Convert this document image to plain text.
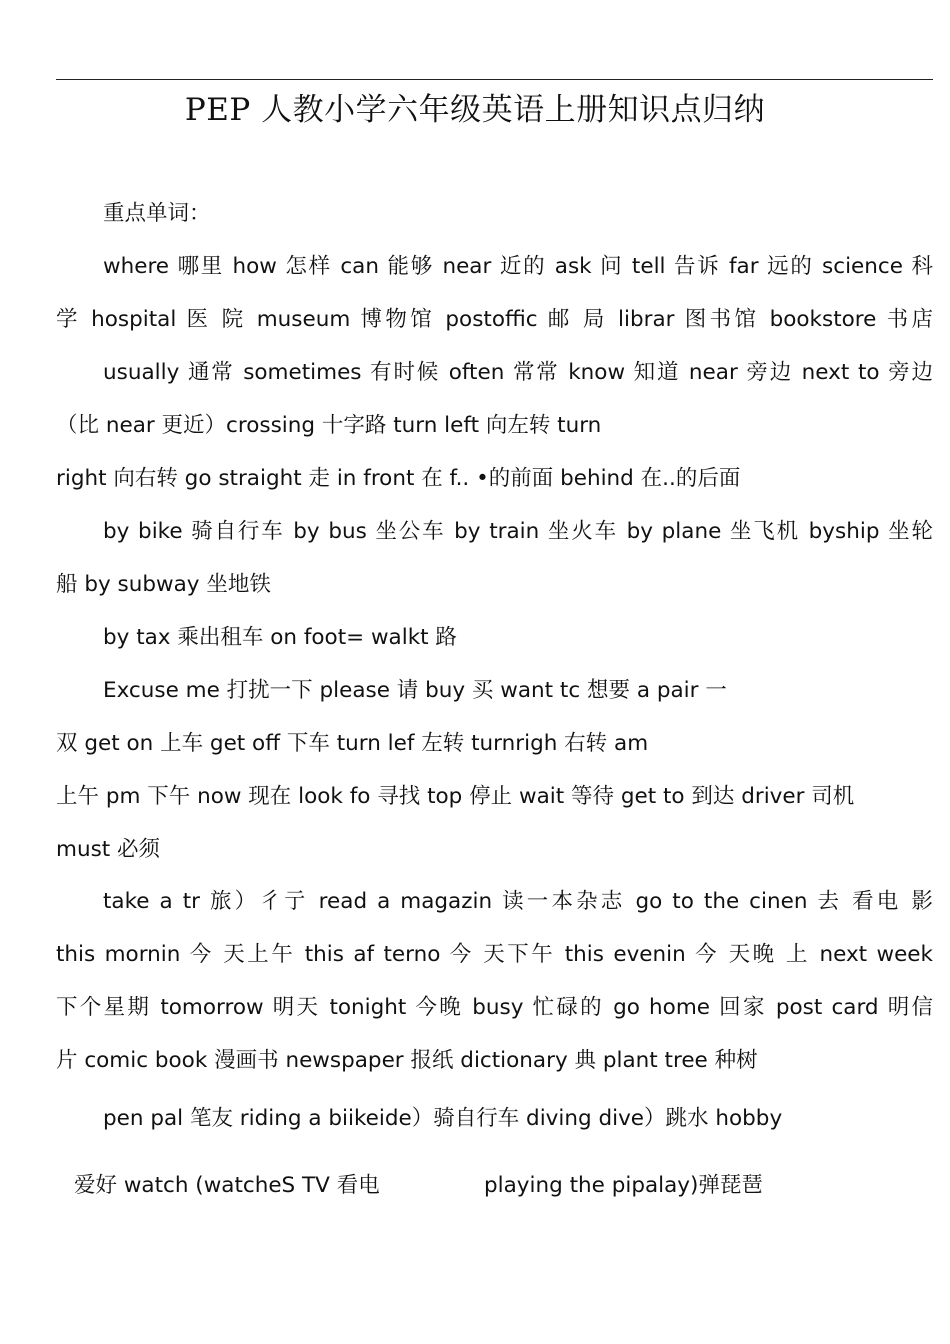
PEP 人教小学六年级英语上册知识点归纳
重点单词：
where 哪里 how 怎样 can 能够 near 近的 ask 问 tell 告诉 far 远的 science 科
学 hospital 医 院 museum 博物馆 postoffic 邮 局 librar 图书馆 bookstore 书店
usually 通常 sometimes 有时候 often 常常 know 知道 near 旁边 next to 旁边
（比 near 更近）crossing 十字路 turn left 向左转 turn
right 向右转 go straight 走 in front 在 f.. •的前面 behind 在..的后面
by bike 骑自行车 by bus 坐公车 by train 坐火车 by plane 坐飞机 byship 坐轮
船 by subway 坐地铁
by tax 乘出租车 on foot= walkt 路
Excuse me 打扰一下 please 请 buy 买 want tc 想要 a pair 一
双 get on 上车 get off 下车 turn lef 左转 turnrigh 右转 am
上午 pm 下午 now 现在 look fo 寻找 top 停止 wait 等待 get to 到达 driver 司机
must 必须
take a tr 旅）彳亍 read a magazin 读一本杂志 go to the cinen 去 看电 影
this mornin 今 天上午 this af terno 今 天下午 this evenin 今 天晚 上 next week
下个星期 tomorrow 明天 tonight 今晚 busy 忙碌的 go home 回家 post card 明信
片 comic book 漫画书 newspaper 报纸 dictionary 典 plant tree 种树
pen pal 笔友 riding a biikeide）骑自行车 diving dive）跳水 hobby
爱好 watch (watcheS TV 看电	playing the pipalay)弹琵琶
